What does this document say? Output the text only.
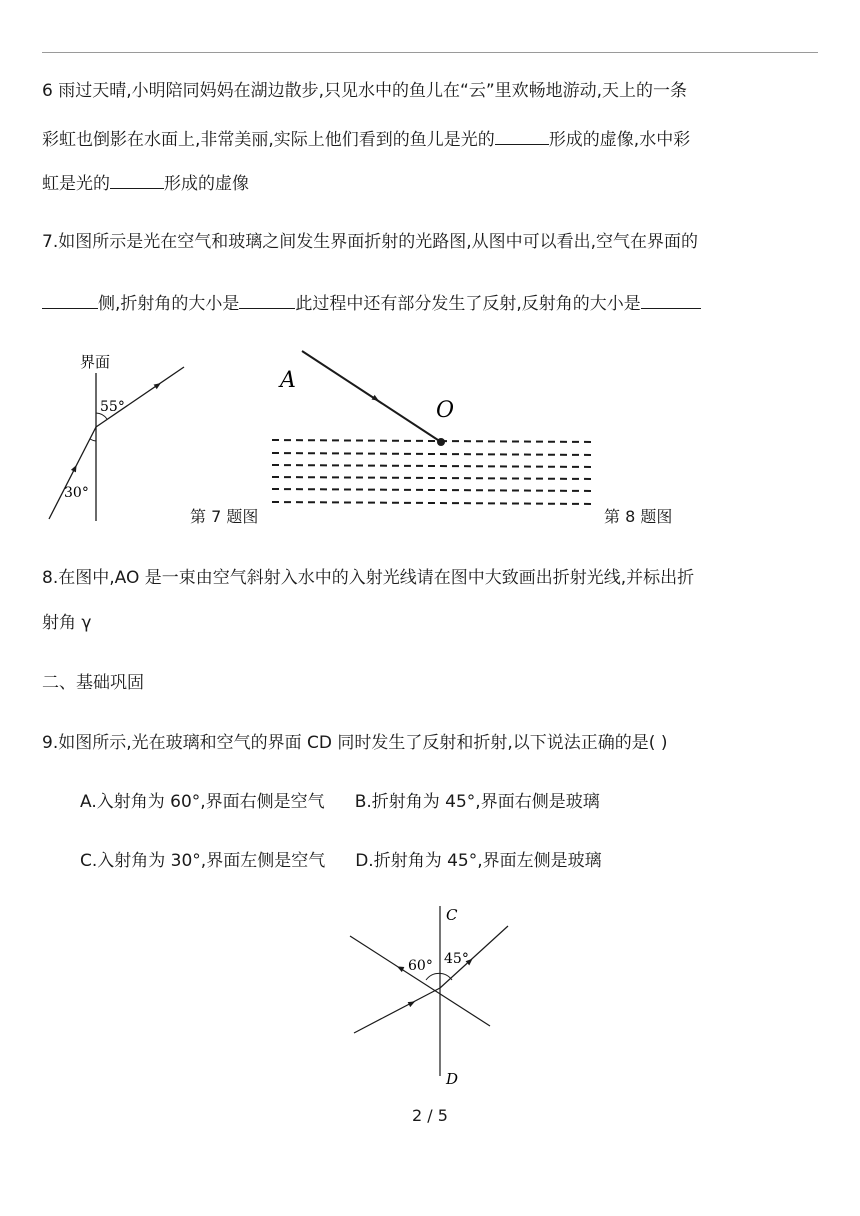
6 雨过天晴,小明陪同妈妈在湖边散步,只见水中的鱼儿在“云”里欢畅地游动,天上的一条
彩虹也倒影在水面上,非常美丽,实际上他们看到的鱼儿是光的	形成的虚像,水中彩
虹是光的	形成的虚像
7.如图所示是光在空气和玻璃之间发生界面折射的光路图,从图中可以看出,空气在界面的
侧,折射角的大小是	此过程中还有部分发生了反射,反射角的大小是
界面
55°
30°
第 7 题图
A
O
第 8 题图
8.在图中,AO 是一束由空气斜射入水中的入射光线请在图中大致画出折射光线,并标出折
射角 γ
二、基础巩固
9.如图所示,光在玻璃和空气的界面 CD 同时发生了反射和折射,以下说法正确的是( )
A.入射角为 60°,界面右侧是空气 B.折射角为 45°,界面右侧是玻璃
C.入射角为 30°,界面左侧是空气 D.折射角为 45°,界面左侧是玻璃
C
D
60° 45°
2 / 5
